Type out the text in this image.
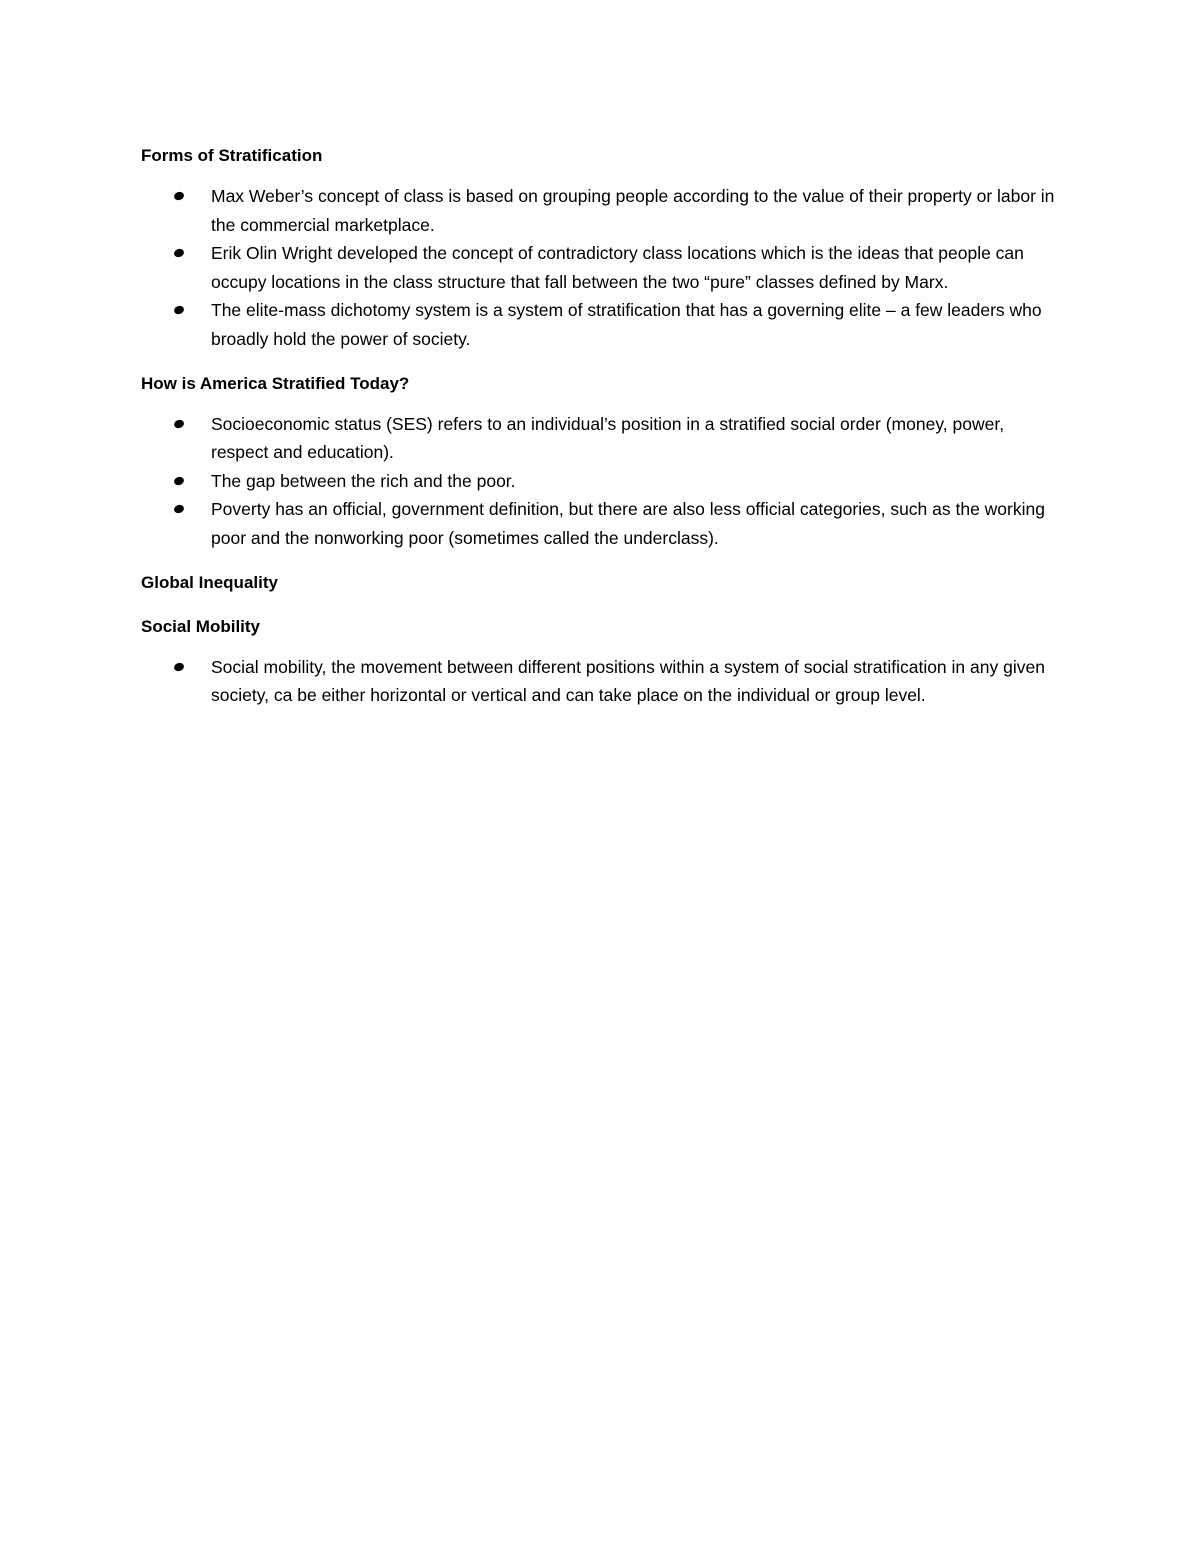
Forms of Stratification
Max Weber’s concept of class is based on grouping people according to the value of their property or labor in the commercial marketplace.
Erik Olin Wright developed the concept of contradictory class locations which is the ideas that people can occupy locations in the class structure that fall between the two “pure” classes defined by Marx.
The elite-mass dichotomy system is a system of stratification that has a governing elite – a few leaders who broadly hold the power of society.
How is America Stratified Today?
Socioeconomic status (SES) refers to an individual’s position in a stratified social order (money, power, respect and education).
The gap between the rich and the poor.
Poverty has an official, government definition, but there are also less official categories, such as the working poor and the nonworking poor (sometimes called the underclass).
Global Inequality
Social Mobility
Social mobility, the movement between different positions within a system of social stratification in any given society, ca be either horizontal or vertical and can take place on the individual or group level.
